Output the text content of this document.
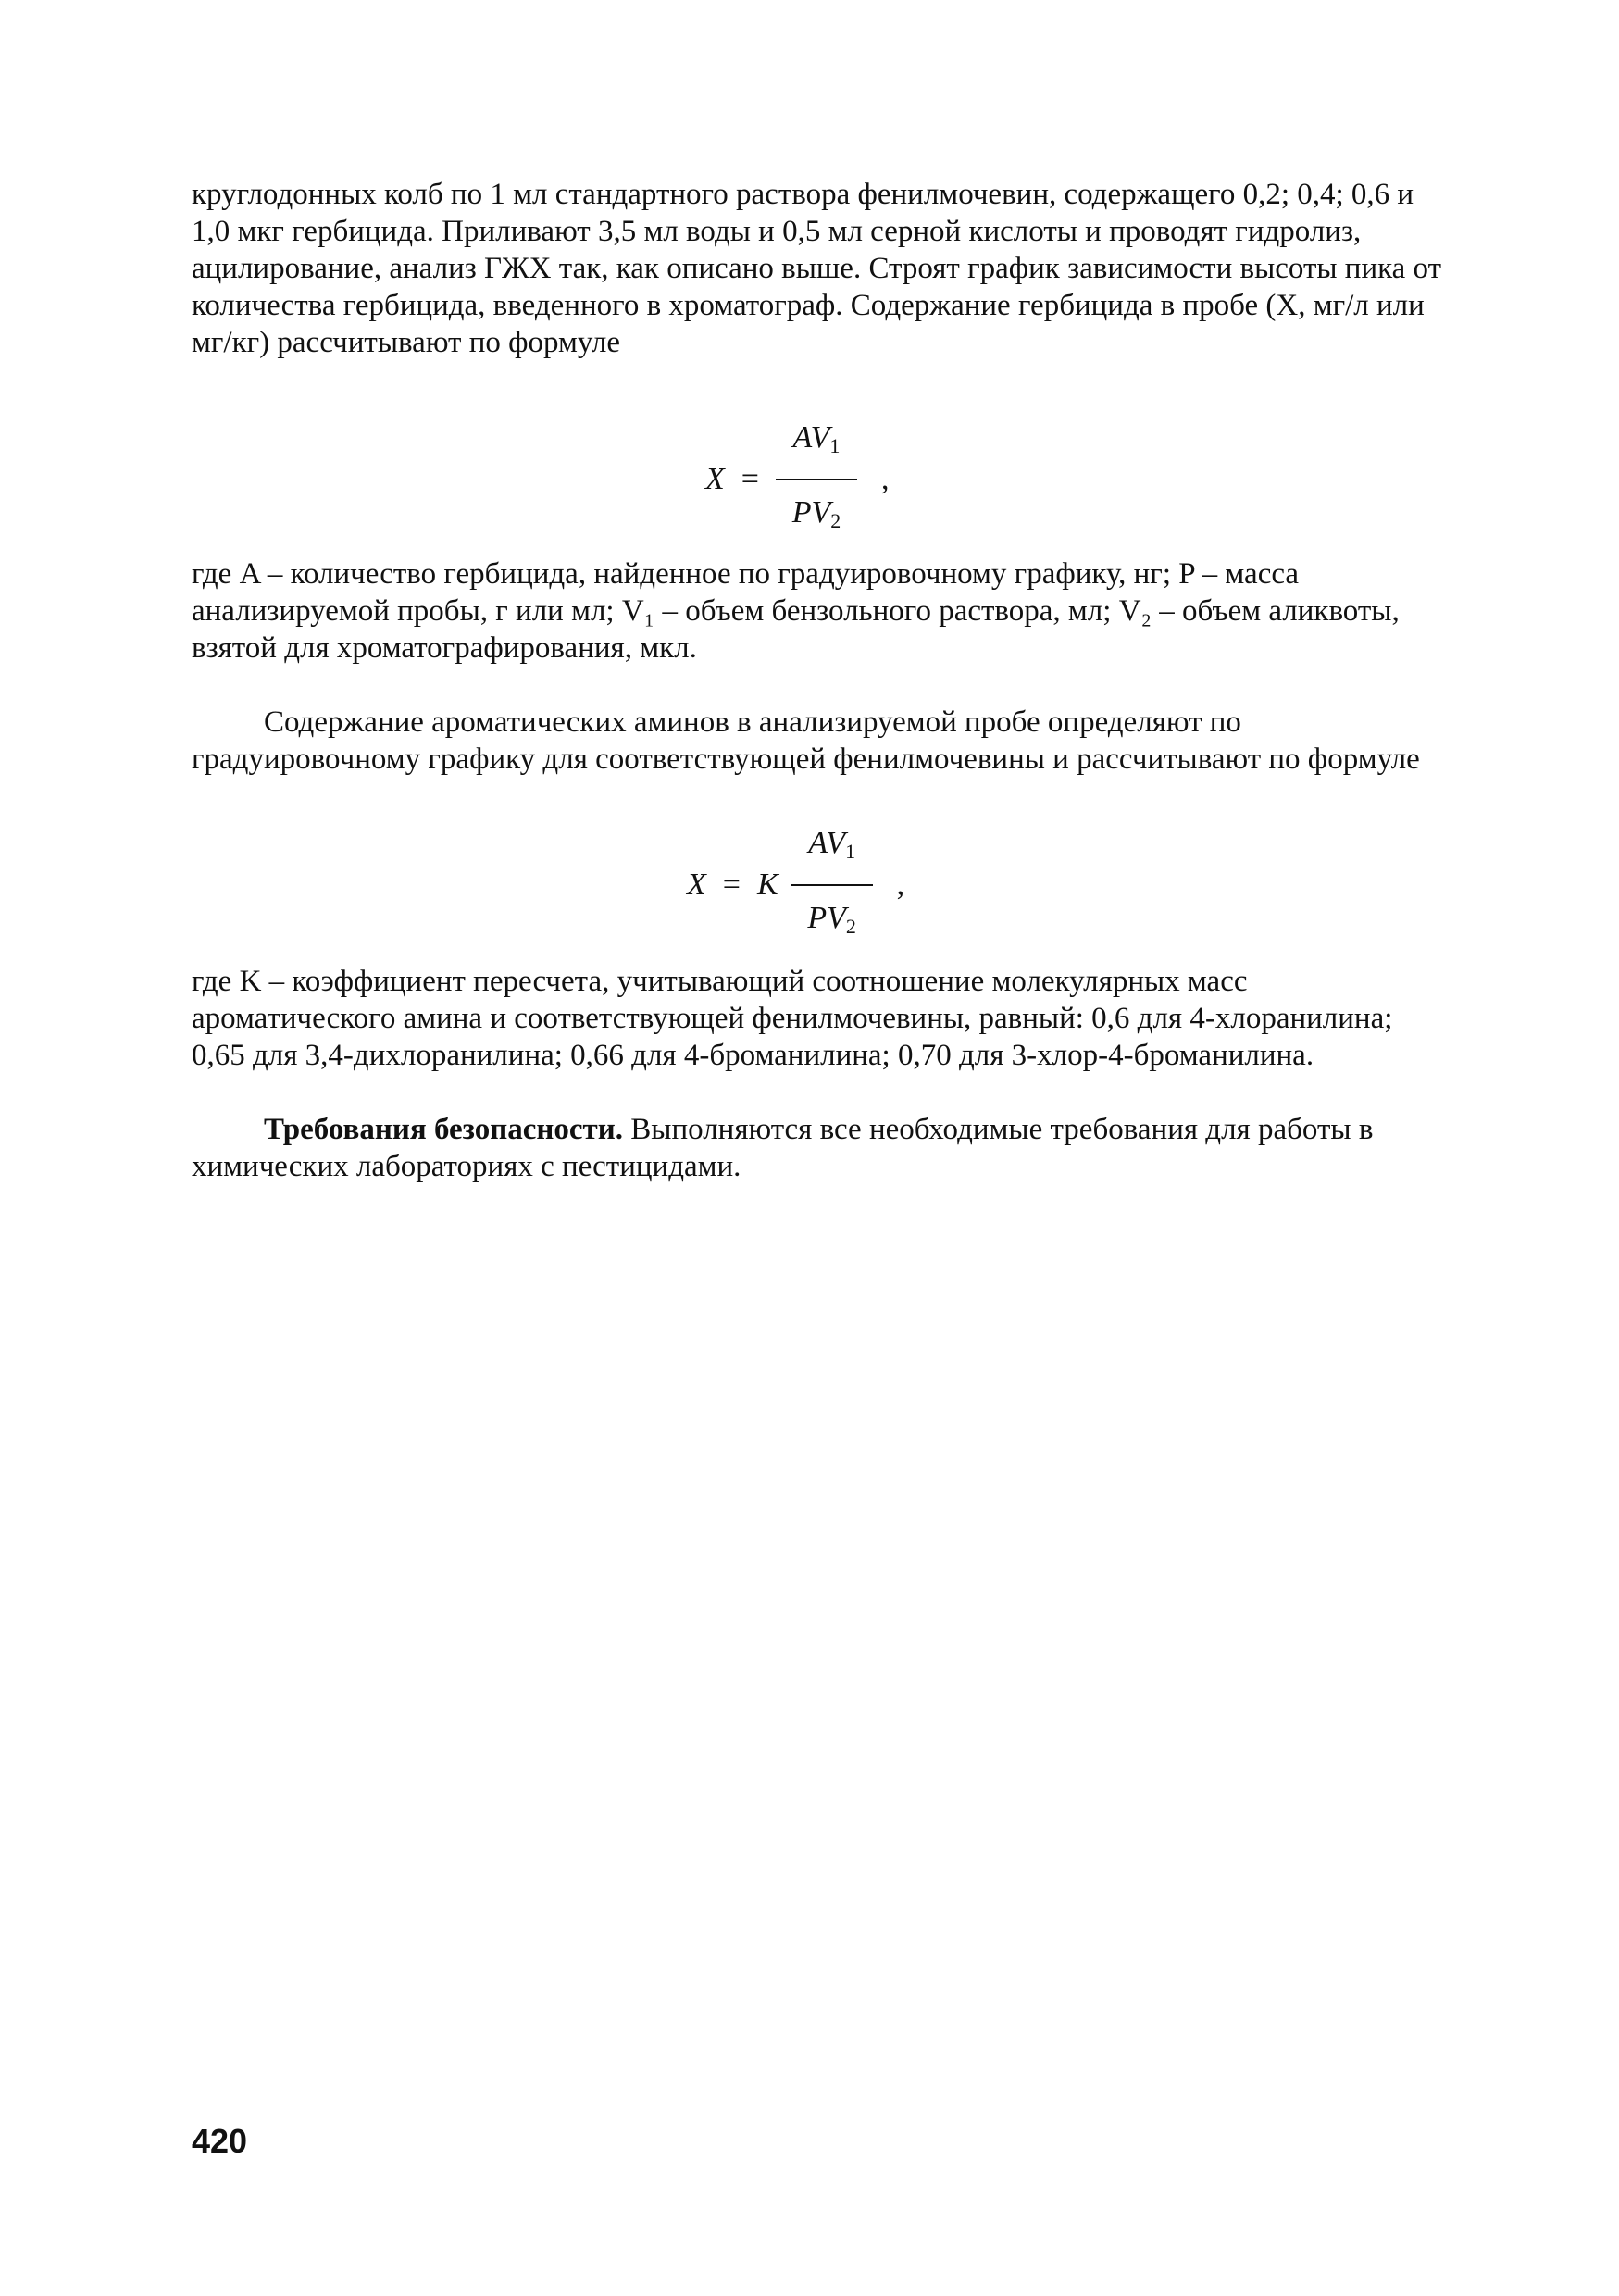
круглодонных колб по 1 мл стандартного раствора фенилмочевин, содержащего 0,2; 0,4; 0,6 и 1,0 мкг гербицида. Приливают 3,5 мл воды и 0,5 мл серной кислоты и проводят гидролиз, ацилирование, анализ ГЖХ так, как описано выше. Строят график зависимости высоты пика от количества гербицида, введенного в хроматограф. Содержание гербицида в пробе (X, мг/л или мг/кг) рассчитывают по формуле

$X = \frac{AV_1}{PV_2}$ ,

где A – количество гербицида, найденное по градуировочному графику, нг; P – масса анализируемой пробы, г или мл; V₁ – объем бензольного раствора, мл; V₂ – объем аликвоты, взятой для хроматографирования, мкл.

Содержание ароматических аминов в анализируемой пробе определяют по градуировочному графику для соответствующей фенилмочевины и рассчитывают по формуле

X = K $\frac{AV_1}{PV_2}$ ,

где K – коэффициент пересчета, учитывающий соотношение молекулярных масс ароматического амина и соответствующей фенилмочевины, равный: 0,6 для 4-хлоранилина; 0,65 для 3,4-дихлоранилина; 0,66 для 4-броманилина; 0,70 для 3-хлор-4-броманилина.

Требования безопасности. Выполняются все необходимые требования для работы в химических лабораториях с пестицидами.

420
